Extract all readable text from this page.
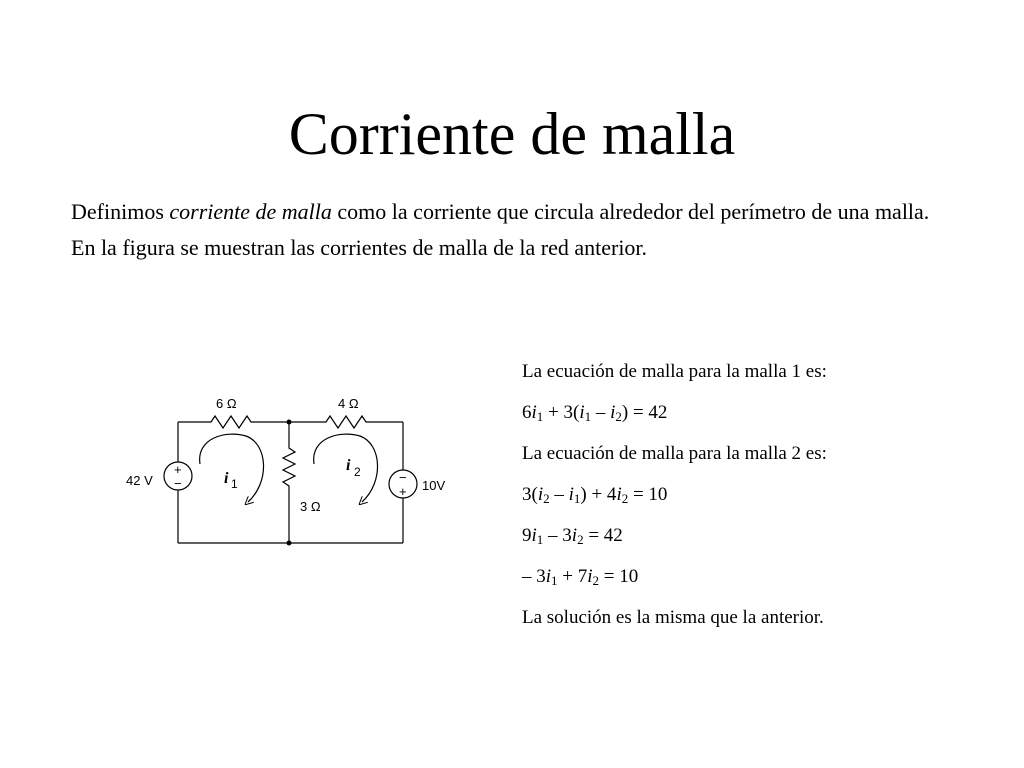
Corriente de malla

Definimos corriente de malla como la corriente que circula alrededor del perímetro de una malla.

En la figura se muestran las corrientes de malla de la red anterior.

6 Ω	4 Ω
3 Ω
42 V	10V
+
−	−
+
i 1
i 2
La ecuación de malla para la malla 1 es:
$6i_1 + 3(i_1 - i_2) = 42$
La ecuación de malla para la malla 2 es:
$3(i_2 - i_1) + 4i_2 = 10$
$9i_1 - 3i_2 = 42$
– $3i_1 + 7i_2 = 10$
La solución es la misma que la anterior.
